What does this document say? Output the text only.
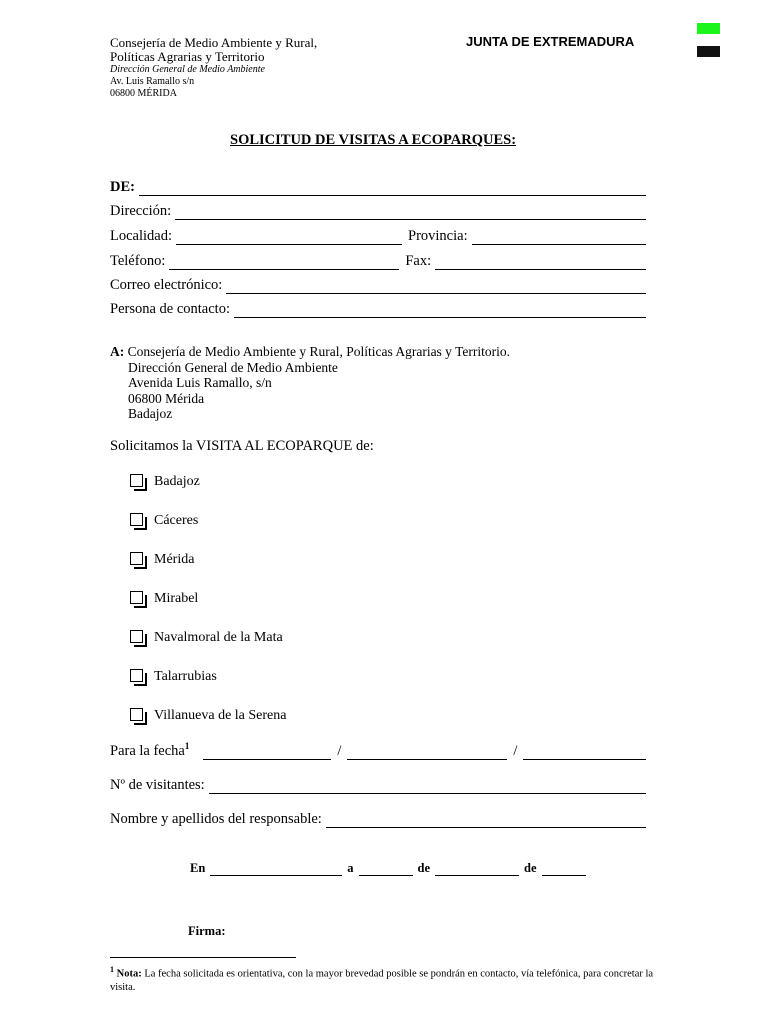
Consejería de Medio Ambiente y Rural,
Políticas Agrarias y Territorio
Dirección General de Medio Ambiente
Av. Luis Ramallo s/n
06800 MÉRIDA
JUNTA DE EXTREMADURA
SOLICITUD DE VISITAS A ECOPARQUES:
DE:
Dirección:
Localidad:	Provincia:
Teléfono:	Fax:
Correo electrónico:
Persona de contacto:
A: Consejería de Medio Ambiente y Rural, Políticas Agrarias y Territorio.
Dirección General de Medio Ambiente
Avenida Luis Ramallo, s/n
06800 Mérida
Badajoz
Solicitamos la VISITA AL ECOPARQUE de:
Badajoz
Cáceres
Mérida
Mirabel
Navalmoral de la Mata
Talarrubias
Villanueva de la Serena
Para la fecha$^1$	/	/
Nº de visitantes:
Nombre y apellidos del responsable:
En	a	de	de
Firma:
$^1$ Nota: La fecha solicitada es orientativa, con la mayor brevedad posible se pondrán en contacto, vía telefónica, para concretar la visita.
